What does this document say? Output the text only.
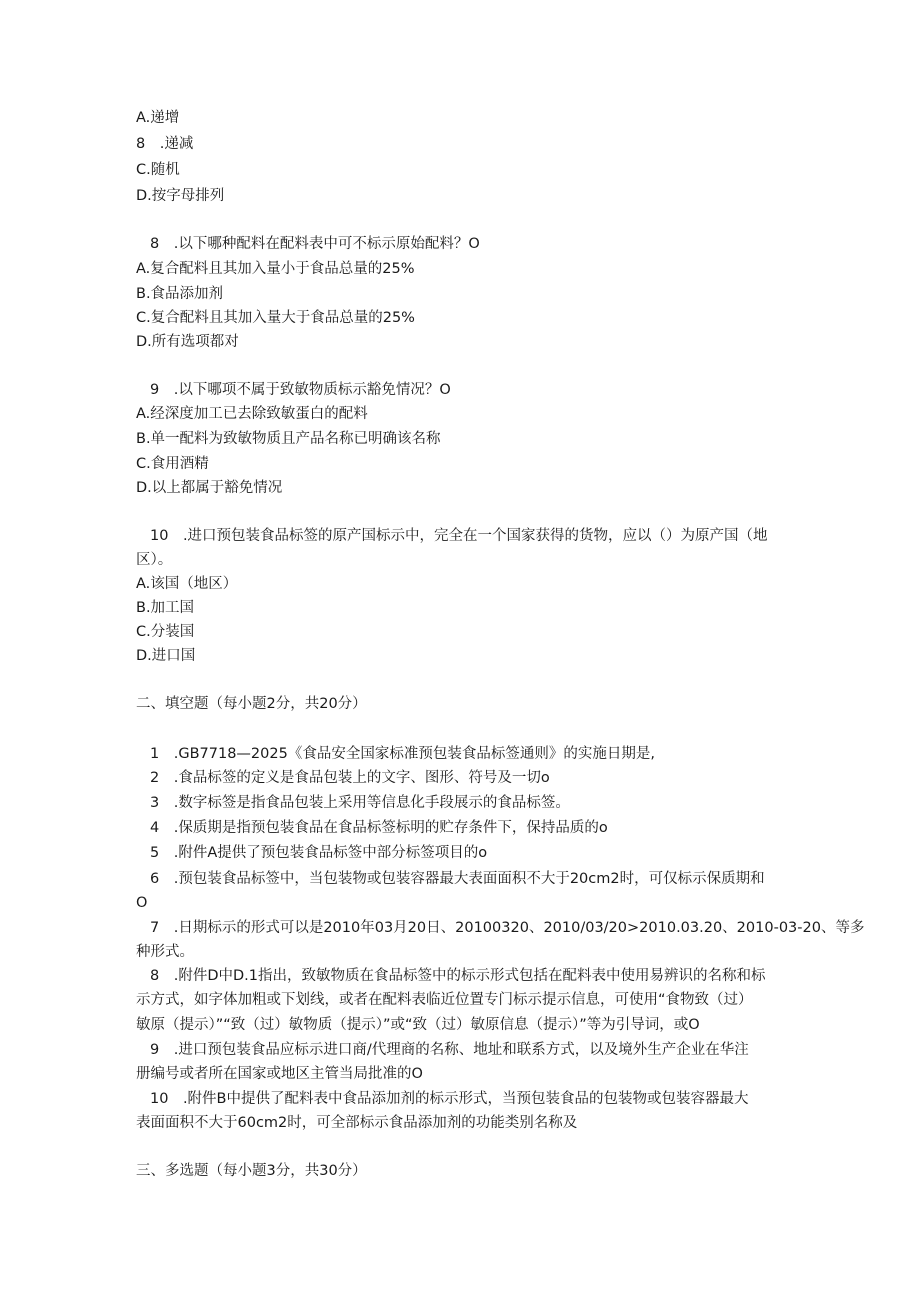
A.递增
8　.递减
C.随机
D.按字母排列
8　.以下哪种配料在配料表中可不标示原始配料？O
A.复合配料且其加入量小于食品总量的25%
B.食品添加剂
C.复合配料且其加入量大于食品总量的25%
D.所有选项都对
9　.以下哪项不属于致敏物质标示豁免情况？O
A.经深度加工已去除致敏蛋白的配料
B.单一配料为致敏物质且产品名称已明确该名称
C.食用酒精
D.以上都属于豁免情况
10　.进口预包装食品标签的原产国标示中，完全在一个国家获得的货物，应以（）为原产国（地
区）。
A.该国（地区）
B.加工国
C.分装国
D.进口国
二、填空题（每小题2分，共20分）
1　.GB7718—2025《食品安全国家标准预包装食品标签通则》的实施日期是,
2　.食品标签的定义是食品包装上的文字、图形、符号及一切o
3　.数字标签是指食品包装上采用等信息化手段展示的食品标签。
4　.保质期是指预包装食品在食品标签标明的贮存条件下，保持品质的o
5　.附件A提供了预包装食品标签中部分标签项目的o
6　.预包装食品标签中，当包装物或包装容器最大表面面积不大于20cm2时，可仅标示保质期和
O
7　.日期标示的形式可以是2010年03月20日、20100320、2010/03/20>2010.03.20、2010-03-20、等多
种形式。
8　.附件D中D.1指出，致敏物质在食品标签中的标示形式包括在配料表中使用易辨识的名称和标
示方式，如字体加粗或下划线，或者在配料表临近位置专门标示提示信息，可使用“食物致（过）
敏原（提示）”“致（过）敏物质（提示）”或“致（过）敏原信息（提示）”等为引导词，或O
9　.进口预包装食品应标示进口商/代理商的名称、地址和联系方式，以及境外生产企业在华注
册编号或者所在国家或地区主管当局批准的O
10　.附件B中提供了配料表中食品添加剂的标示形式，当预包装食品的包装物或包装容器最大
表面面积不大于60cm2时，可全部标示食品添加剂的功能类别名称及
三、多选题（每小题3分，共30分）
